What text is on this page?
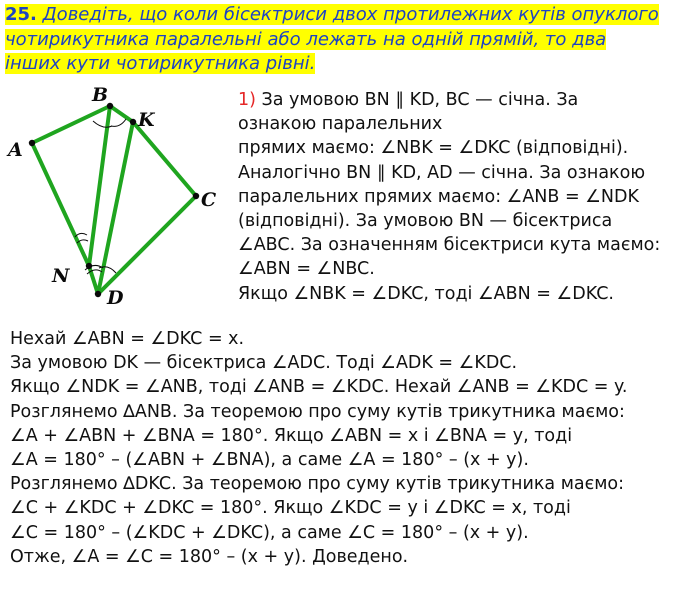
25. Доведіть, що коли бісектриси двох протилежних кутів опуклого
чотирикутника паралельні або лежать на одній прямій, то два
інших кути чотирикутника рівні.
A
B
K
C
N
D
1) За умовою BN ∥ KD, BC — січна. За
ознакою паралельних
прямих маємо: ∠NBK = ∠DKC (відповідні).
Аналогічно BN ∥ KD, AD — січна. За ознакою
паралельних прямих маємо: ∠ANB = ∠NDK
(відповідні). За умовою BN — бісектриса
∠ABC. За означенням бісектриси кута маємо:
∠ABN = ∠NBC.
Якщо ∠NBK = ∠DKC, тоді ∠ABN = ∠DKC.
Нехай ∠ABN = ∠DKC = x.
За умовою DK — бісектриса ∠ADC. Тоді ∠ADK = ∠KDC.
Якщо ∠NDK = ∠ANB, тоді ∠ANB = ∠KDC. Нехай ∠ANB = ∠KDC = y.
Розглянемо ∆ANB. За теоремою про суму кутів трикутника маємо:
∠A + ∠ABN + ∠BNA = 180°. Якщо ∠ABN = x і ∠BNA = y, тоді
∠A = 180° – (∠ABN + ∠BNA), а саме ∠A = 180° – (x + y).
Розглянемо ∆DKC. За теоремою про суму кутів трикутника маємо:
∠C + ∠KDC + ∠DKC = 180°. Якщо ∠KDC = y і ∠DKC = x, тоді
∠C = 180° – (∠KDC + ∠DKC), а саме ∠C = 180° – (x + y).
Отже, ∠A = ∠C = 180° – (x + y). Доведено.
